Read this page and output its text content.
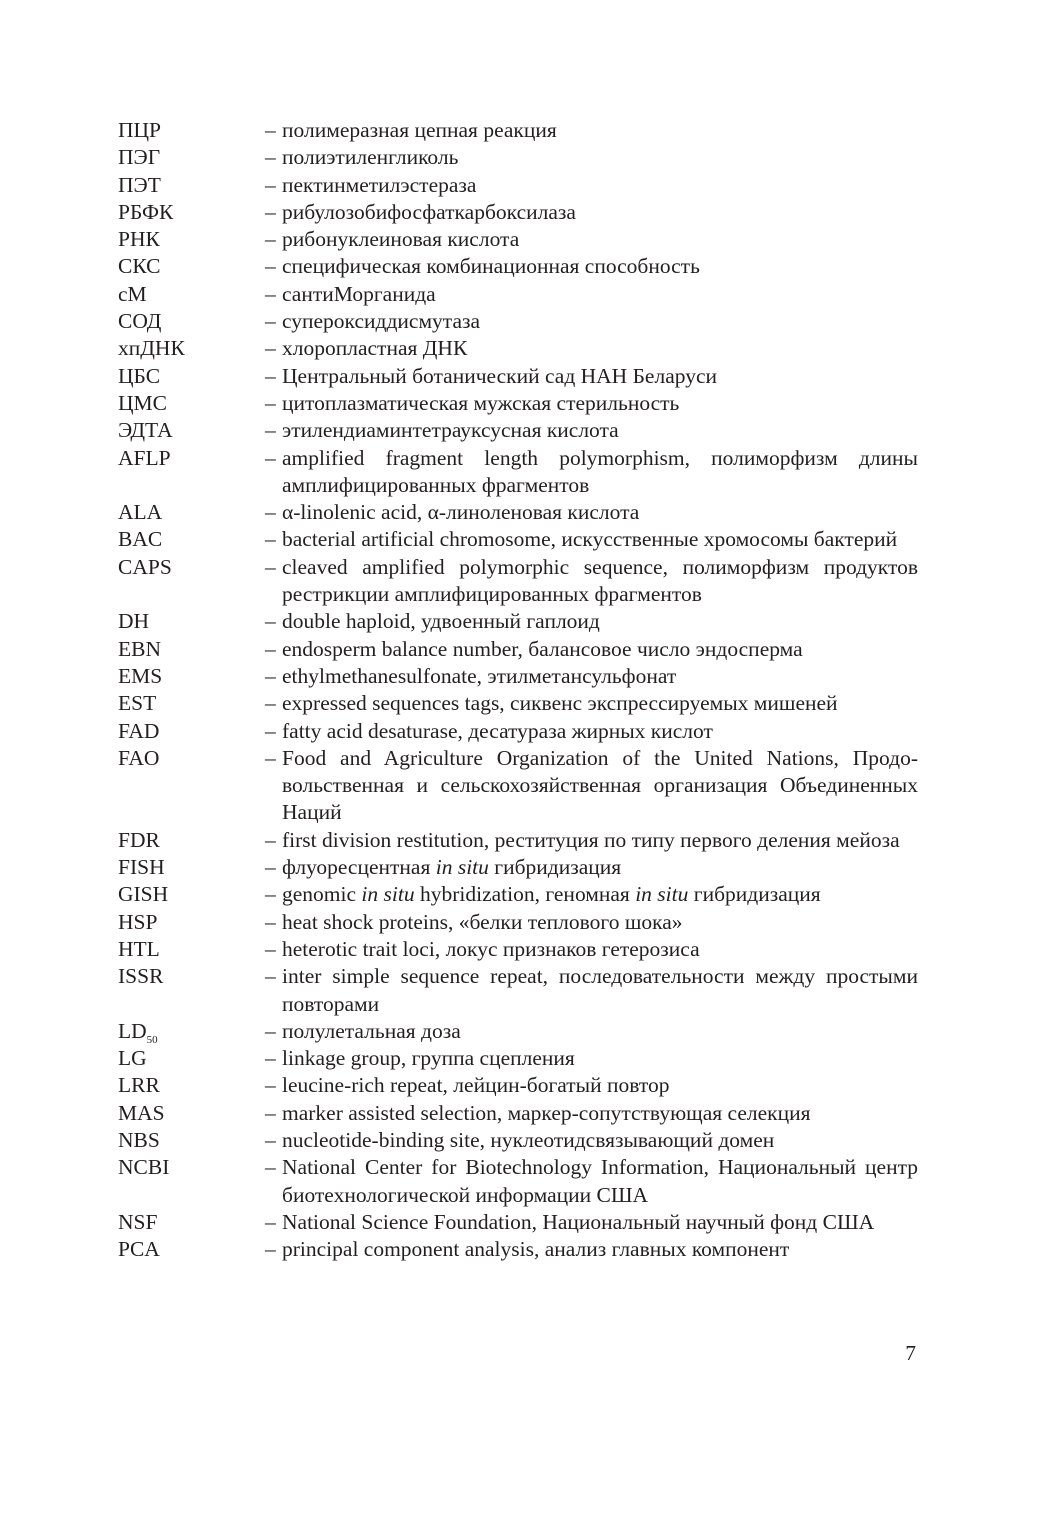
ПЦР	– полимеразная цепная реакция
ПЭГ	– полиэтиленгликоль
ПЭТ	– пектинметилэстераза
РБФК	– рибулозобифосфаткарбоксилаза
РНК	– рибонуклеиновая кислота
СКС	– специфическая комбинационная способность
сМ	– сантиМорганида
СОД	– супероксиддисмутаза
хпДНК	– хлоропластная ДНК
ЦБС	– Центральный ботанический сад НАН Беларуси
ЦМС	– цитоплазматическая мужская стерильность
ЭДТА	– этилендиаминтетрауксусная кислота
AFLP	– amplified fragment length polymorphism, полиморфизм длины амплифицированных фрагментов
ALA	– α-linolenic acid, α-линоленовая кислота
BAC	– bacterial artificial chromosome, искусственные хромосомы бактерий
CAPS	– cleaved amplified polymorphic sequence, полиморфизм продуктов рестрикции амплифицированных фрагментов
DH	– double haploid, удвоенный гаплоид
EBN	– endosperm balance number, балансовое число эндосперма
EMS	– ethylmethanesulfonate, этилметансульфонат
EST	– expressed sequences tags, сиквенс экспрессируемых мишеней
FAD	– fatty acid desaturase, десатураза жирных кислот
FAO	– Food and Agriculture Organization of the United Nations, Продовольственная и сельскохозяйственная организация Объединенных Наций
FDR	– first division restitution, реституция по типу первого деления мейоза
FISH	– флуоресцентная in situ гибридизация
GISH	– genomic in situ hybridization, геномная in situ гибридизация
HSP	– heat shock proteins, «белки теплового шока»
HTL	– heterotic trait loci, локус признаков гетерозиса
ISSR	– inter simple sequence repeat, последовательности между простыми повторами
$LD_{50}$	– полулетальная доза
LG	– linkage group, группа сцепления
LRR	– leucine-rich repeat, лейцин-богатый повтор
MAS	– marker assisted selection, маркер-сопутствующая селекция
NBS	– nucleotide-binding site, нуклеотидсвязывающий домен
NCBI	– National Center for Biotechnology Information, Национальный центр биотехнологической информации США
NSF	– National Science Foundation, Национальный научный фонд США
PCA	– principal component analysis, анализ главных компонент
7
